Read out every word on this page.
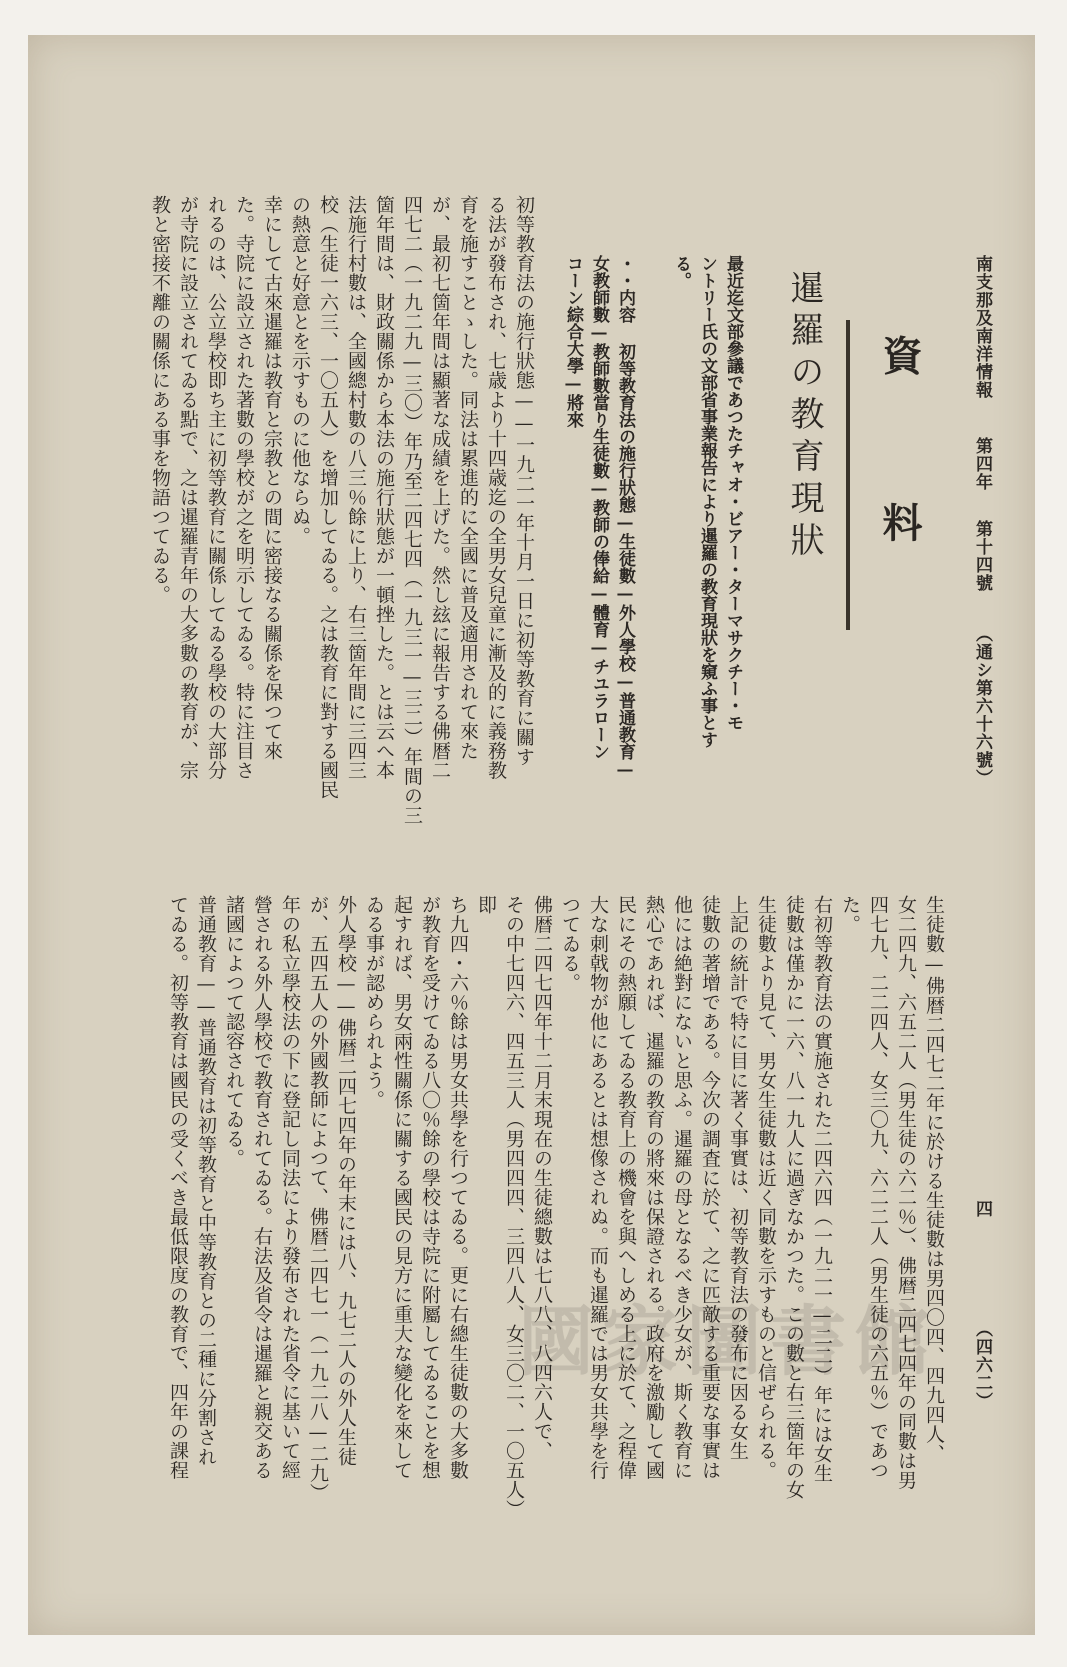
南支那及南洋情報
第四年
第十四號
（通シ第六十六號）
四
（四六二）
資 料
暹羅の教育現狀

最近迄文部參議であつたチャオ・ビアー・ターマサクチー・モ

ントリー氏の文部省事業報告により暹羅の教育現狀を窺ふ事とす

る。

・・内容 初等教育法の施行狀態—生徒數—外人學校—普通教育—

女教師數—教師數當り生徒數—教師の俸給—體育—チユラローン

コーン綜合大學—將來

初等教育法の施行狀態——一九二一年十月一日に初等教育に關す

る法が發布され、七歳より十四歳迄の全男女兒童に漸及的に義務教

育を施すことゝした。同法は累進的に全國に普及適用されて來た

が、最初七箇年間は顯著な成績を上げた。然し玆に報告する佛暦二

四七二（一九二九—三〇）年乃至二四七四（一九三一—三二）年間の三

箇年間は、財政關係から本法の施行狀態が一頓挫した。とは云へ本

法施行村數は、全國總村數の八三％餘に上り、右三箇年間に三四三

校（生徒一六三、一〇五人）を增加してゐる。之は教育に對する國民

の熱意と好意とを示すものに他ならぬ。

幸にして古來暹羅は教育と宗教との間に密接なる關係を保つて來

た。寺院に設立された著數の學校が之を明示してゐる。特に注目さ

れるのは、公立學校即ち主に初等教育に關係してゐる學校の大部分

が寺院に設立されてゐる點で、之は暹羅青年の大多數の教育が、宗

教と密接不離の關係にある事を物語つてゐる。

生徒數—佛暦二四七二年に於ける生徒數は男四〇四、四九四人、

女二四九、六五二人（男生徒の六二％）、佛暦二四七四年の同數は男

四七九、二二四人、女三〇九、六二二人（男生徒の六五％）であつた。

右初等教育法の實施された二四六四（一九二一—二二）年には女生

徒數は僅かに一六、八一九人に過ぎなかつた。この數と右三箇年の女

生徒數より見て、男女生徒數は近く同數を示すものと信ぜられる。

上記の統計で特に目に著く事實は、初等教育法の發布に因る女生

徒數の著增である。今次の調査に於て、之に匹敵する重要な事實は

他には絶對にないと思ふ。暹羅の母となるべき少女が、斯く教育に

熱心であれば、暹羅の教育の將來は保證される。政府を激勵して國

民にその熱願してゐる教育上の機會を與へしめる上に於て、之程偉

大な刺戟物が他にあるとは想像されぬ。而も暹羅では男女共學を行

つてゐる。

佛暦二四七四年十二月末現在の生徒總數は七八八、八四六人で、

その中七四六、四五三人（男四四四、三四八人、女三〇二、一〇五人）即

ち九四・六％餘は男女共學を行つてゐる。更に右總生徒數の大多數

が教育を受けてゐる八〇％餘の學校は寺院に附屬してゐることを想

起すれば、男女兩性關係に關する國民の見方に重大な變化を來して

ゐる事が認められよう。

外人學校——佛暦二四七四年の年末には八、九七二人の外人生徒

が、五四五人の外國教師によつて、佛暦二四七一（一九二八—二九）

年の私立學校法の下に登記し同法により發布された省令に基いて經

營される外人學校で教育されてゐる。右法及省令は暹羅と親交ある

諸國によつて認容されてゐる。

普通教育——普通教育は初等教育と中等教育との二種に分割され

てゐる。初等教育は國民の受くべき最低限度の教育で、四年の課程	國家圖書館
